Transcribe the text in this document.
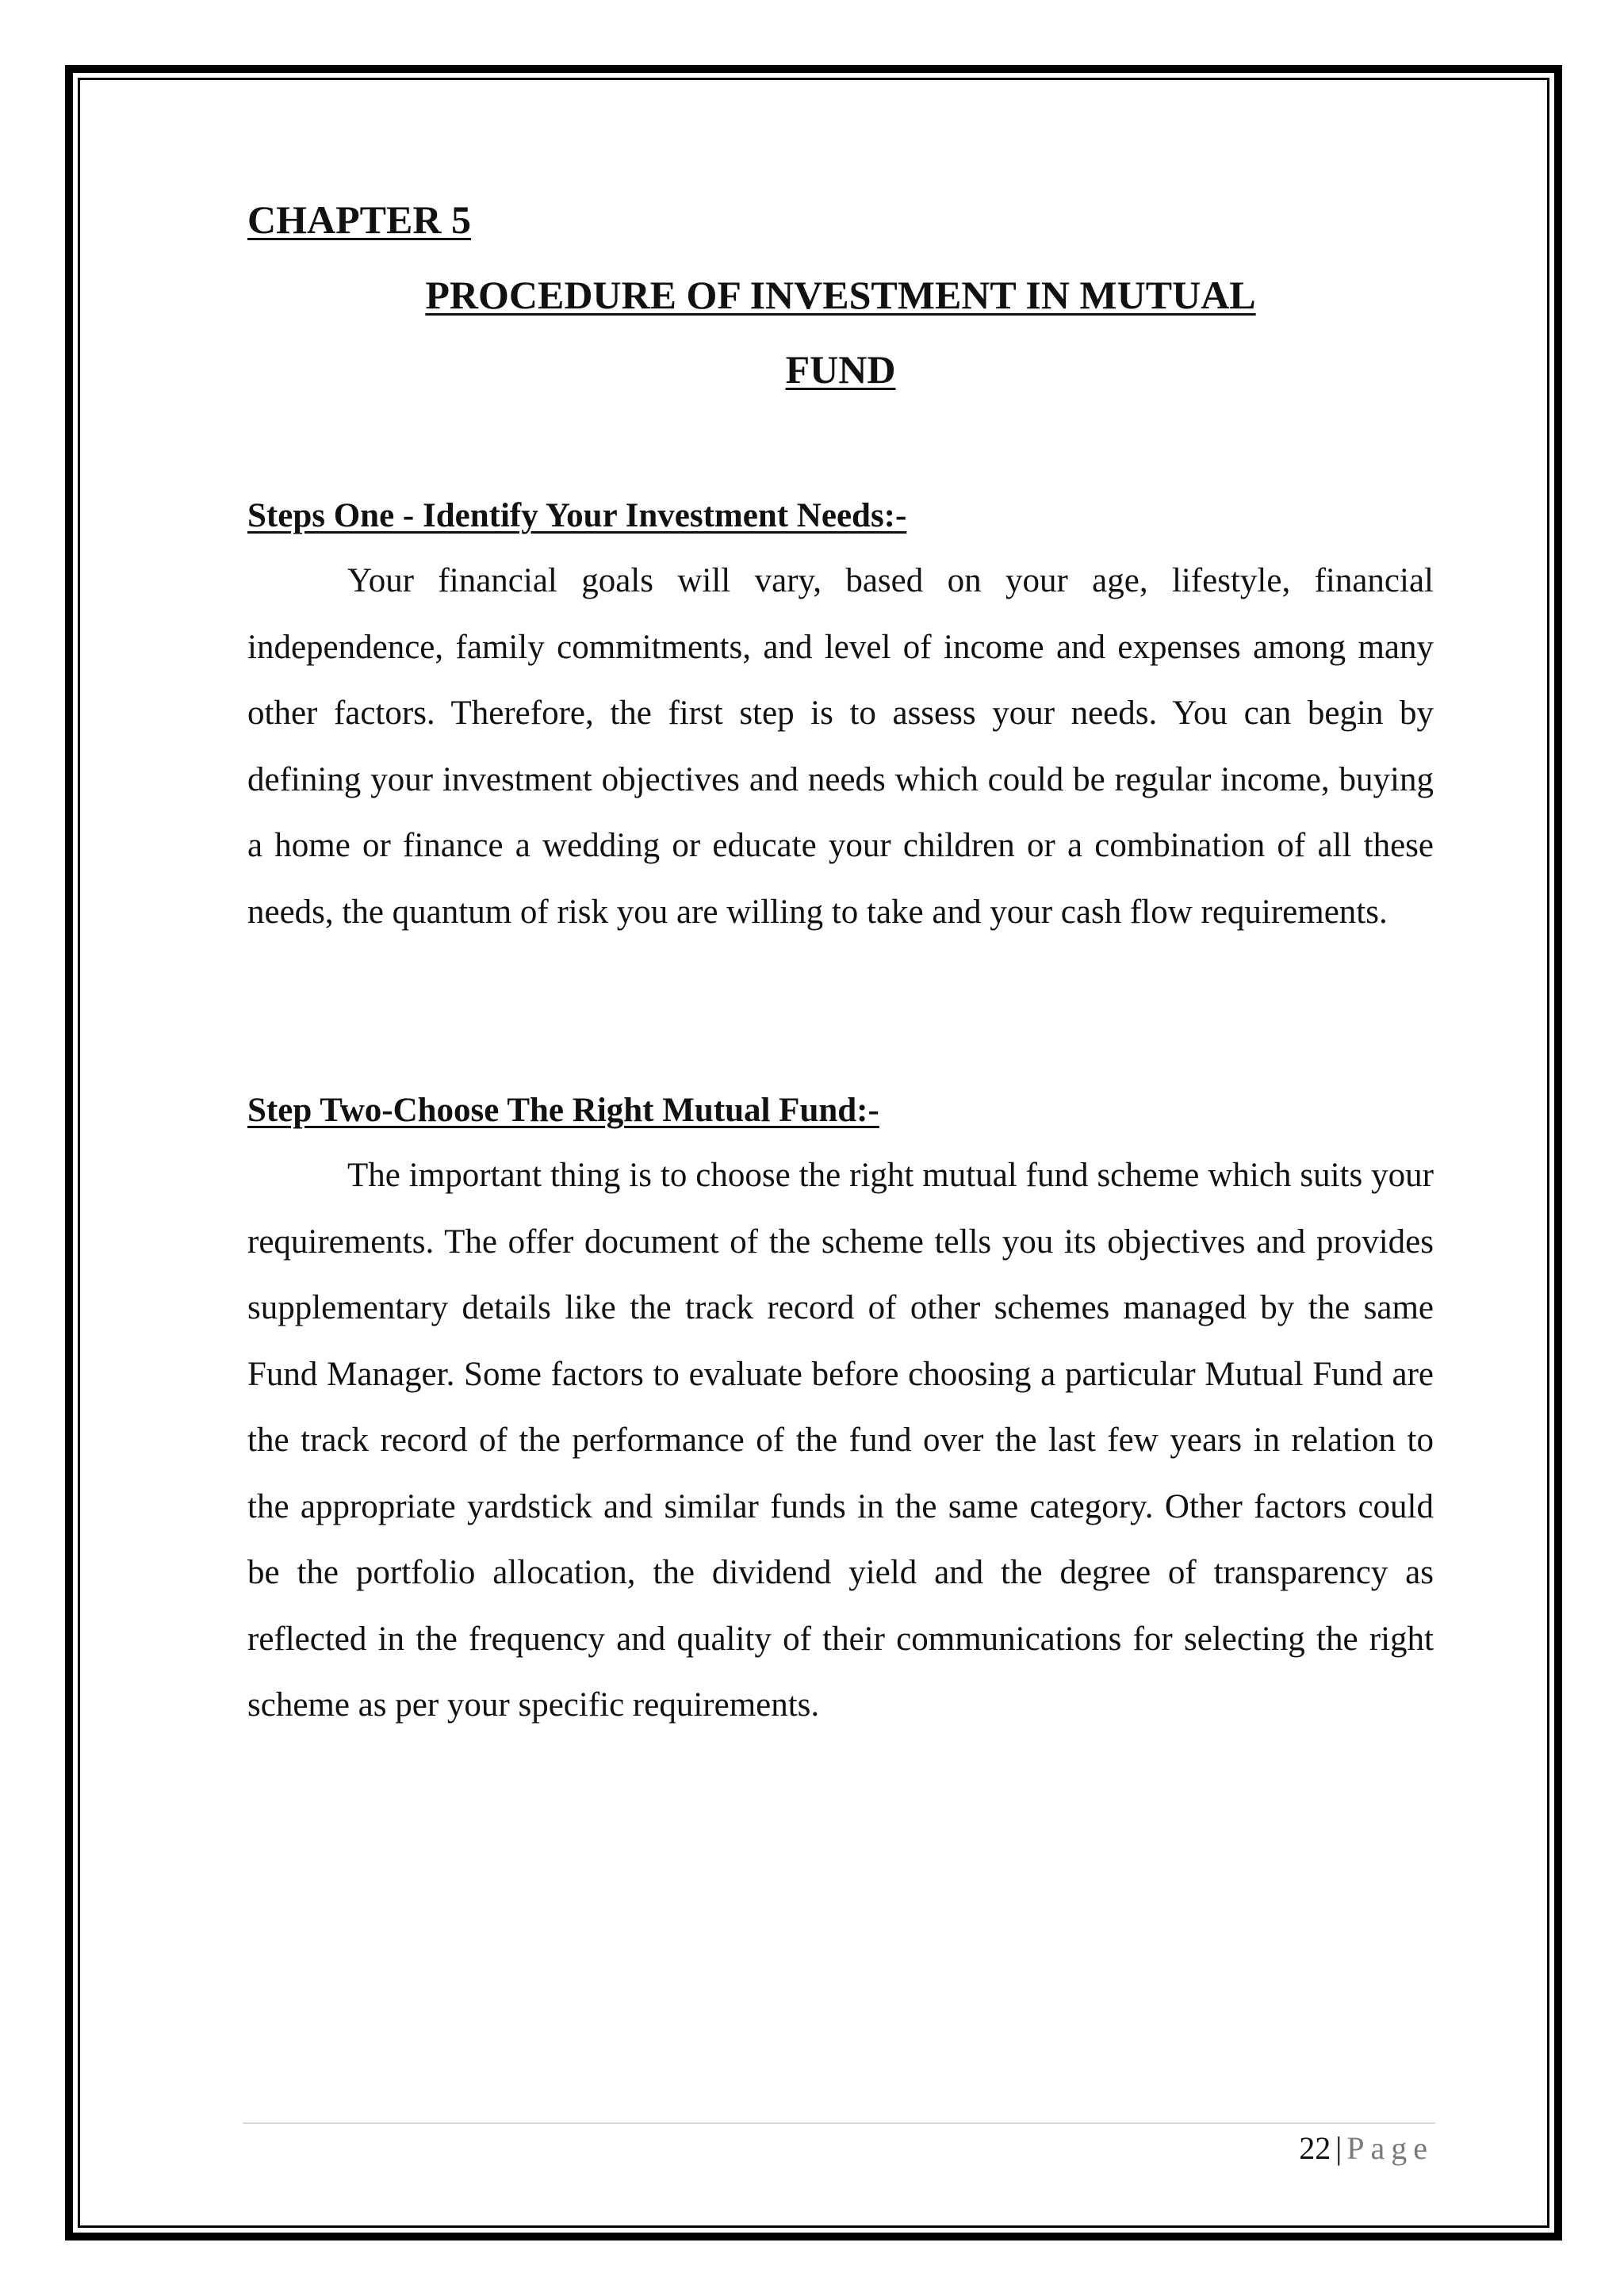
CHAPTER 5
PROCEDURE OF INVESTMENT IN MUTUAL
FUND
Steps One - Identify Your Investment Needs:-

Your financial goals will vary, based on your age, lifestyle, financial independence, family commitments, and level of income and expenses among many other factors. Therefore, the first step is to assess your needs. You can begin by defining your investment objectives and needs which could be regular income, buying a home or finance a wedding or educate your children or a combination of all these needs, the quantum of risk you are willing to take and your cash flow requirements.

Step Two-Choose The Right Mutual Fund:-

The important thing is to choose the right mutual fund scheme which suits your requirements. The offer document of the scheme tells you its objectives and provides supplementary details like the track record of other schemes managed by the same Fund Manager. Some factors to evaluate before choosing a particular Mutual Fund are the track record of the performance of the fund over the last few years in relation to the appropriate yardstick and similar funds in the same category. Other factors could be the portfolio allocation, the dividend yield and the degree of transparency as reflected in the frequency and quality of their communications for selecting the right scheme as per your specific requirements.

22 | Page
